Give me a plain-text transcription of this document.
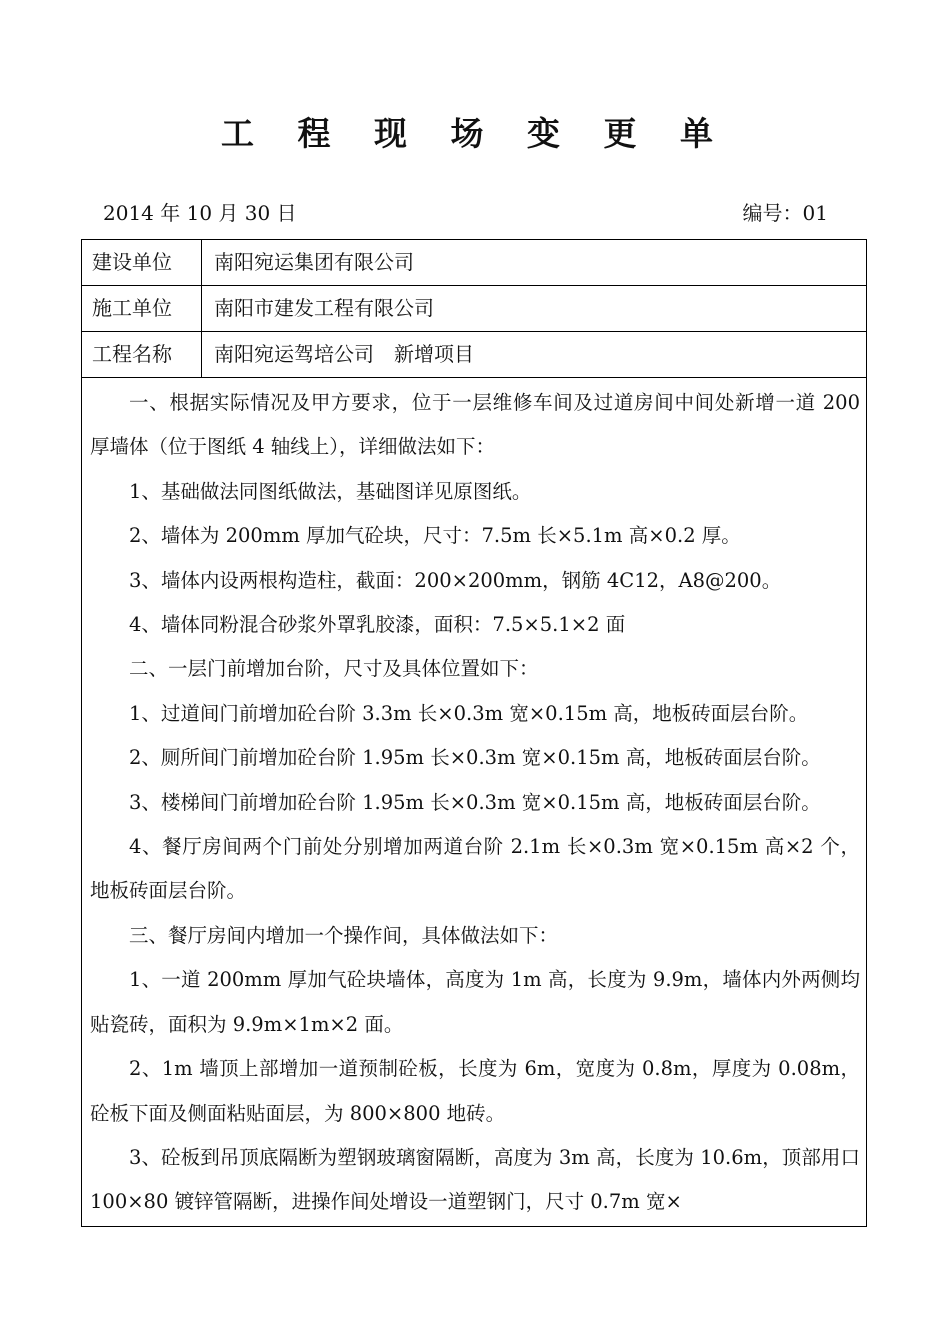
工 程 现 场 变 更 单
2014 年 10 月 30 日	编号：01
建设单位	南阳宛运集团有限公司
施工单位	南阳市建发工程有限公司
工程名称	南阳宛运驾培公司　新增项目

一、根据实际情况及甲方要求，位于一层维修车间及过道房间中间处新增一道 200 厚墙体（位于图纸 4 轴线上），详细做法如下：

1、基础做法同图纸做法，基础图详见原图纸。

2、墙体为 200mm 厚加气砼块，尺寸：7.5m 长×5.1m 高×0.2 厚。

3、墙体内设两根构造柱，截面：200×200mm，钢筋 4C12，A8@200。

4、墙体同粉混合砂浆外罩乳胶漆，面积：7.5×5.1×2 面

二、一层门前增加台阶，尺寸及具体位置如下：

1、过道间门前增加砼台阶 3.3m 长×0.3m 宽×0.15m 高，地板砖面层台阶。

2、厕所间门前增加砼台阶 1.95m 长×0.3m 宽×0.15m 高，地板砖面层台阶。

3、楼梯间门前增加砼台阶 1.95m 长×0.3m 宽×0.15m 高，地板砖面层台阶。

4、餐厅房间两个门前处分别增加两道台阶 2.1m 长×0.3m 宽×0.15m 高×2 个，地板砖面层台阶。

三、餐厅房间内增加一个操作间，具体做法如下：

1、一道 200mm 厚加气砼块墙体，高度为 1m 高，长度为 9.9m，墙体内外两侧均贴瓷砖，面积为 9.9m×1m×2 面。

2、1m 墙顶上部增加一道预制砼板，长度为 6m，宽度为 0.8m，厚度为 0.08m，砼板下面及侧面粘贴面层，为 800×800 地砖。

3、砼板到吊顶底隔断为塑钢玻璃窗隔断，高度为 3m 高，长度为 10.6m，顶部用口 100×80 镀锌管隔断，进操作间处增设一道塑钢门，尺寸 0.7m 宽×
